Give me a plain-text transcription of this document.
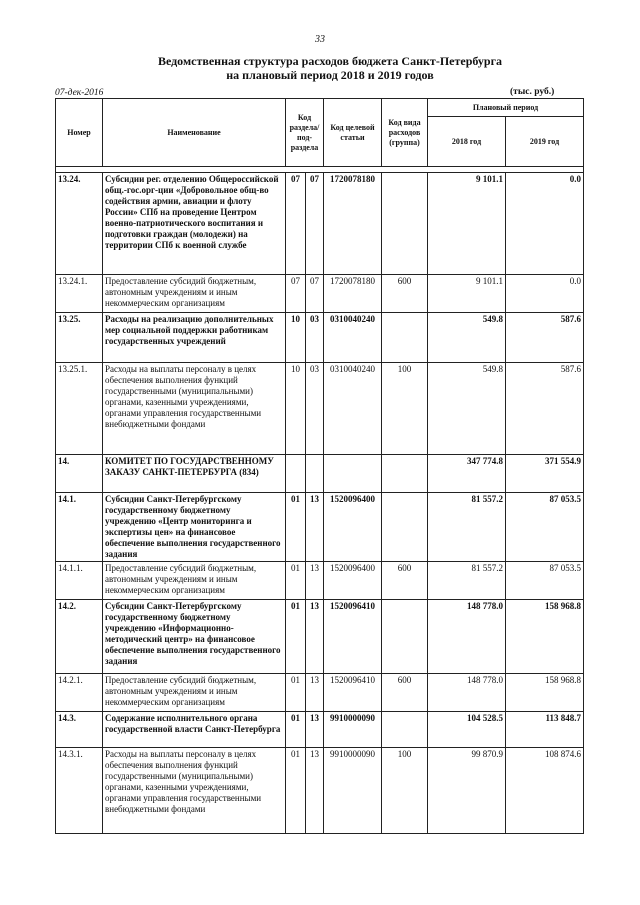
33
Ведомственная структура расходов бюджета Санкт-Петербурга
на плановый период 2018 и 2019 годов
07-дек-2016	(тыс. руб.)
Номер	Наименование	Код раздела/ под-раздела		Код целевой статьи	Код вида расходов (группа)	Плановый период	
						2018 год	2019 год

13.24.	Субсидии рег. отделению Общероссийской общ.-гос.орг-ции «Добровольное общ-во содействия армии, авиации и флоту России» СПб на проведение Центром военно-патриотического воспитания и подготовки граждан (молодежи) на территории СПб к военной службе	07	07	1720078180		9 101.1	0.0
13.24.1.	Предоставление субсидий бюджетным, автономным учреждениям и иным некоммерческим организациям	07	07	1720078180	600	9 101.1	0.0
13.25.	Расходы на реализацию дополнительных мер социальной поддержки работникам государственных учреждений	10	03	0310040240		549.8	587.6
13.25.1.	Расходы на выплаты персоналу в целях обеспечения выполнения функций государственными (муниципальными) органами, казенными учреждениями, органами управления государственными внебюджетными фондами	10	03	0310040240	100	549.8	587.6
14.	КОМИТЕТ ПО ГОСУДАРСТВЕННОМУ ЗАКАЗУ САНКТ-ПЕТЕРБУРГА (834)					347 774.8	371 554.9
14.1.	Субсидии Санкт-Петербургскому государственному бюджетному учреждению «Центр мониторинга и экспертизы цен» на финансовое обеспечение выполнения государственного задания	01	13	1520096400		81 557.2	87 053.5
14.1.1.	Предоставление субсидий бюджетным, автономным учреждениям и иным некоммерческим организациям	01	13	1520096400	600	81 557.2	87 053.5
14.2.	Субсидии Санкт-Петербургскому государственному бюджетному учреждению «Информационно-методический центр» на финансовое обеспечение выполнения государственного задания	01	13	1520096410		148 778.0	158 968.8
14.2.1.	Предоставление субсидий бюджетным, автономным учреждениям и иным некоммерческим организациям	01	13	1520096410	600	148 778.0	158 968.8
14.3.	Содержание исполнительного органа государственной власти Санкт-Петербурга	01	13	9910000090		104 528.5	113 848.7
14.3.1.	Расходы на выплаты персоналу в целях обеспечения выполнения функций государственными (муниципальными) органами, казенными учреждениями, органами управления государственными внебюджетными фондами	01	13	9910000090	100	99 870.9	108 874.6
